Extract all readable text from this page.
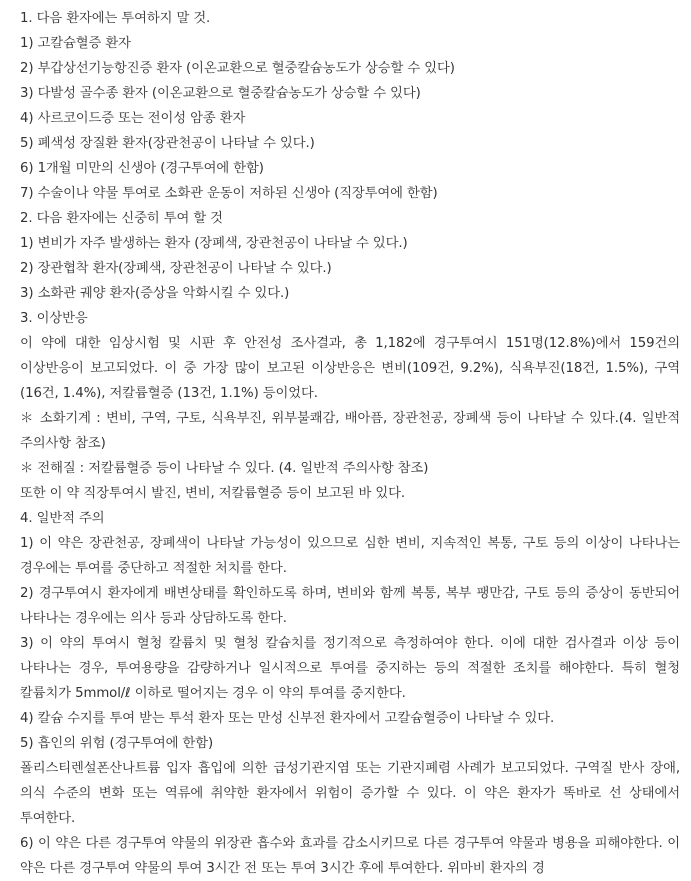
1. 다음 환자에는 투여하지 말 것.

1) 고칼슘혈증 환자

2) 부갑상선기능항진증 환자 (이온교환으로 혈중칼슘농도가 상승할 수 있다)

3) 다발성 골수종 환자 (이온교환으로 혈중칼슘농도가 상승할 수 있다)

4) 사르코이드증 또는 전이성 암종 환자

5) 폐색성 장질환 환자(장관천공이 나타날 수 있다.)

6) 1개월 미만의 신생아 (경구투여에 한함)

7) 수술이나 약물 투여로 소화관 운동이 저하된 신생아 (직장투여에 한함)

2. 다음 환자에는 신중히 투여 할 것

1) 변비가 자주 발생하는 환자 (장폐색, 장관천공이 나타날 수 있다.)

2) 장관협착 환자(장폐색, 장관천공이 나타날 수 있다.)

3) 소화관 궤양 환자(증상을 악화시킬 수 있다.)

3. 이상반응

이 약에 대한 임상시험 및 시판 후 안전성 조사결과, 총 1,182에 경구투여시 151명(12.8%)에서 159건의 이상반응이 보고되었다. 이 중 가장 많이 보고된 이상반응은 변비(109건, 9.2%), 식욕부진(18건, 1.5%), 구역(16건, 1.4%), 저칼륨혈증 (13건, 1.1%) 등이었다.

＊ 소화기계 : 변비, 구역, 구토, 식욕부진, 위부불쾌감, 배아픔, 장관천공, 장폐색 등이 나타날 수 있다.(4. 일반적 주의사항 참조)

＊ 전해질 : 저칼륨혈증 등이 나타날 수 있다. (4. 일반적 주의사항 참조)

또한 이 약 직장투여시 발진, 변비, 저칼륨혈증 등이 보고된 바 있다.

4. 일반적 주의

1) 이 약은 장관천공, 장폐색이 나타날 가능성이 있으므로 심한 변비, 지속적인 복통, 구토 등의 이상이 나타나는 경우에는 투여를 중단하고 적절한 처치를 한다.

2) 경구투여시 환자에게 배변상태를 확인하도록 하며, 변비와 함께 복통, 복부 팽만감, 구토 등의 증상이 동반되어 나타나는 경우에는 의사 등과 상담하도록 한다.

3) 이 약의 투여시 혈청 칼륨치 및 혈청 칼슘치를 정기적으로 측정하여야 한다. 이에 대한 검사결과 이상 등이 나타나는 경우, 투여용량을 감량하거나 일시적으로 투여를 중지하는 등의 적절한 조치를 해야한다. 특히 혈청 칼륨치가 5mmol/ℓ 이하로 떨어지는 경우 이 약의 투여를 중지한다.

4) 칼슘 수지를 투여 받는 투석 환자 또는 만성 신부전 환자에서 고칼슘혈증이 나타날 수 있다.

5) 흡인의 위험 (경구투여에 한함)

폴리스티렌설폰산나트륨 입자 흡입에 의한 급성기관지염 또는 기관지폐렴 사례가 보고되었다. 구역질 반사 장애, 의식 수준의 변화 또는 역류에 취약한 환자에서 위험이 증가할 수 있다. 이 약은 환자가 똑바로 선 상태에서 투여한다.

6) 이 약은 다른 경구투여 약물의 위장관 흡수와 효과를 감소시키므로 다른 경구투여 약물과 병용을 피해야한다. 이 약은 다른 경구투여 약물의 투여 3시간 전 또는 투여 3시간 후에 투여한다. 위마비 환자의 경
